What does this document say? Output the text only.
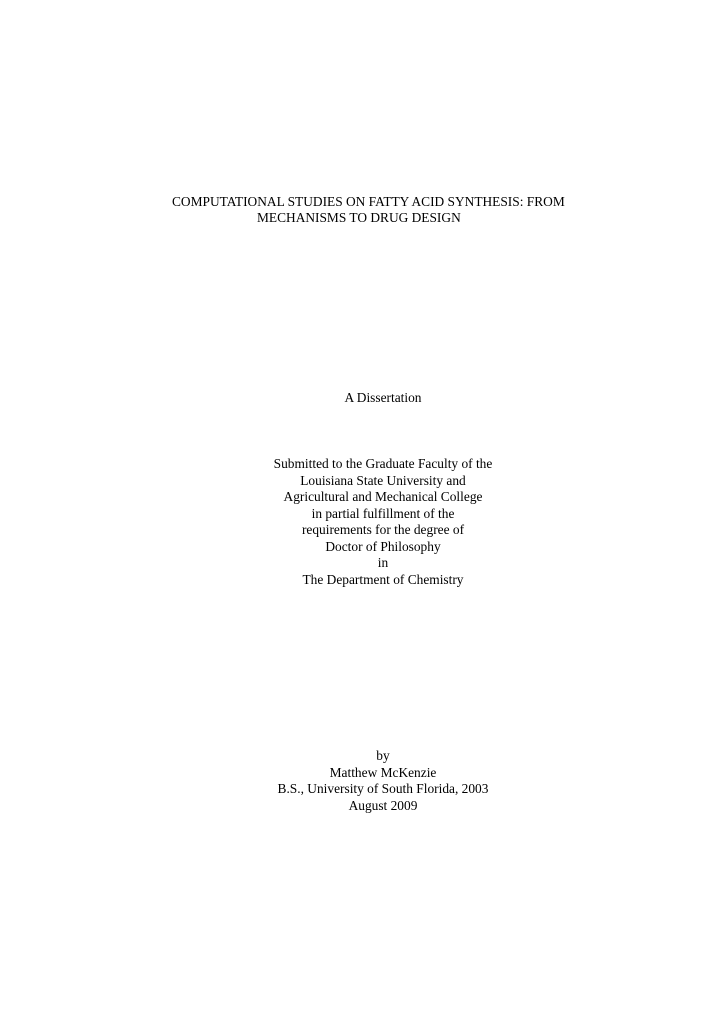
COMPUTATIONAL STUDIES ON FATTY ACID SYNTHESIS: FROM
MECHANISMS TO DRUG DESIGN
A Dissertation
Submitted to the Graduate Faculty of the
Louisiana State University and
Agricultural and Mechanical College
in partial fulfillment of the
requirements for the degree of
Doctor of Philosophy
in
The Department of Chemistry
by
Matthew McKenzie
B.S., University of South Florida, 2003
August 2009
